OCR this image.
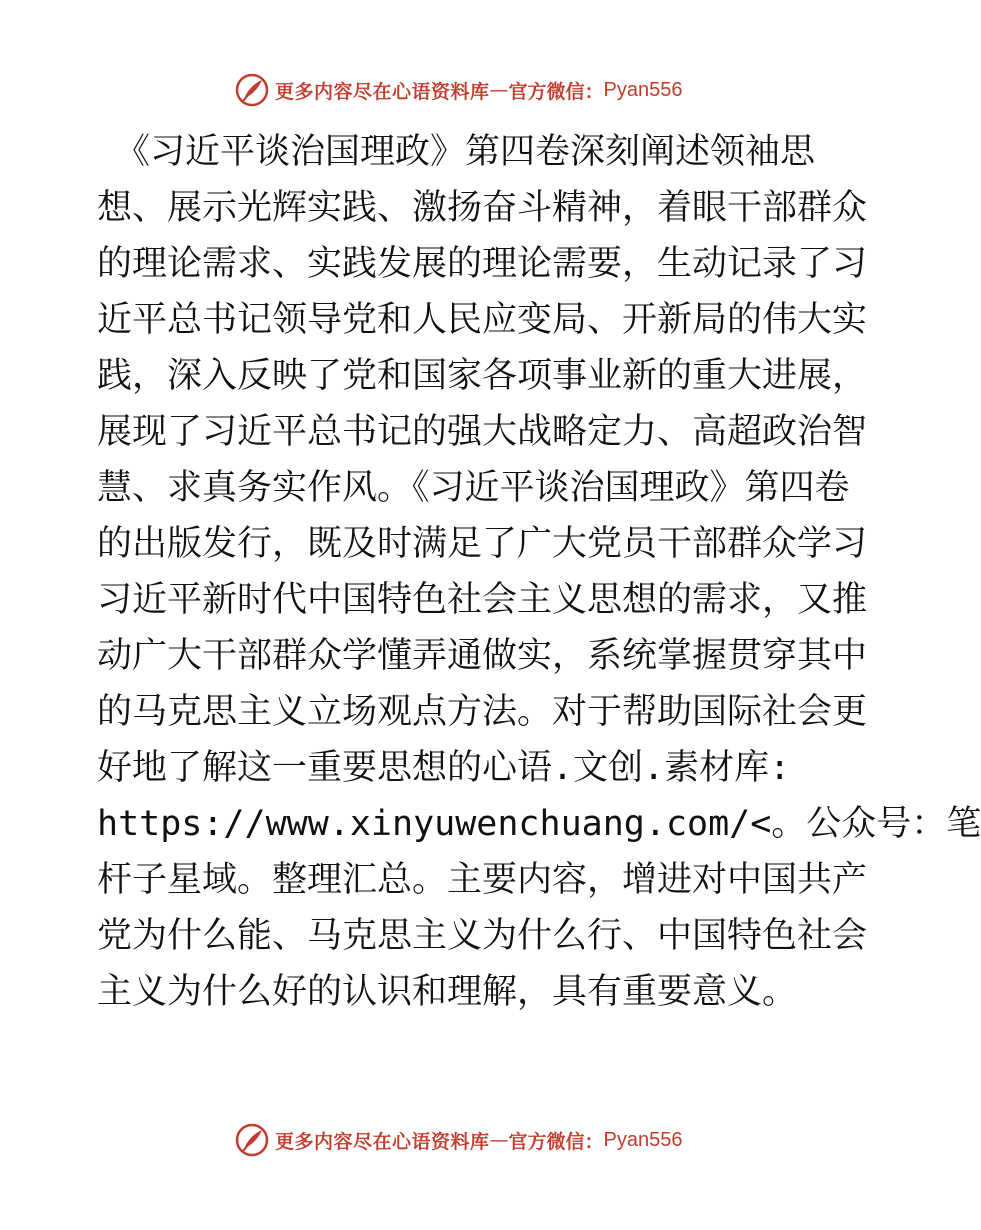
更多内容尽在心语资料库 — 官方微信： Pyan556
《习近平谈治国理政》第四卷深刻阐述领袖思
想、展示光辉实践、激扬奋斗精神，着眼干部群众
的理论需求、实践发展的理论需要，生动记录了习
近平总书记领导党和人民应变局、开新局的伟大实
践，深入反映了党和国家各项事业新的重大进展，
展现了习近平总书记的强大战略定力、高超政治智
慧、求真务实作风。《习近平谈治国理政》第四卷
的出版发行，既及时满足了广大党员干部群众学习
习近平新时代中国特色社会主义思想的需求，又推
动广大干部群众学懂弄通做实，系统掌握贯穿其中
的马克思主义立场观点方法。对于帮助国际社会更
好地了解这一重要思想的心语.文创.素材库:
https://www.xinyuwenchuang.com/<。公众号：笔
杆子星域。整理汇总。主要内容，增进对中国共产
党为什么能、马克思主义为什么行、中国特色社会
主义为什么好的认识和理解，具有重要意义。
更多内容尽在心语资料库 — 官方微信： Pyan556
